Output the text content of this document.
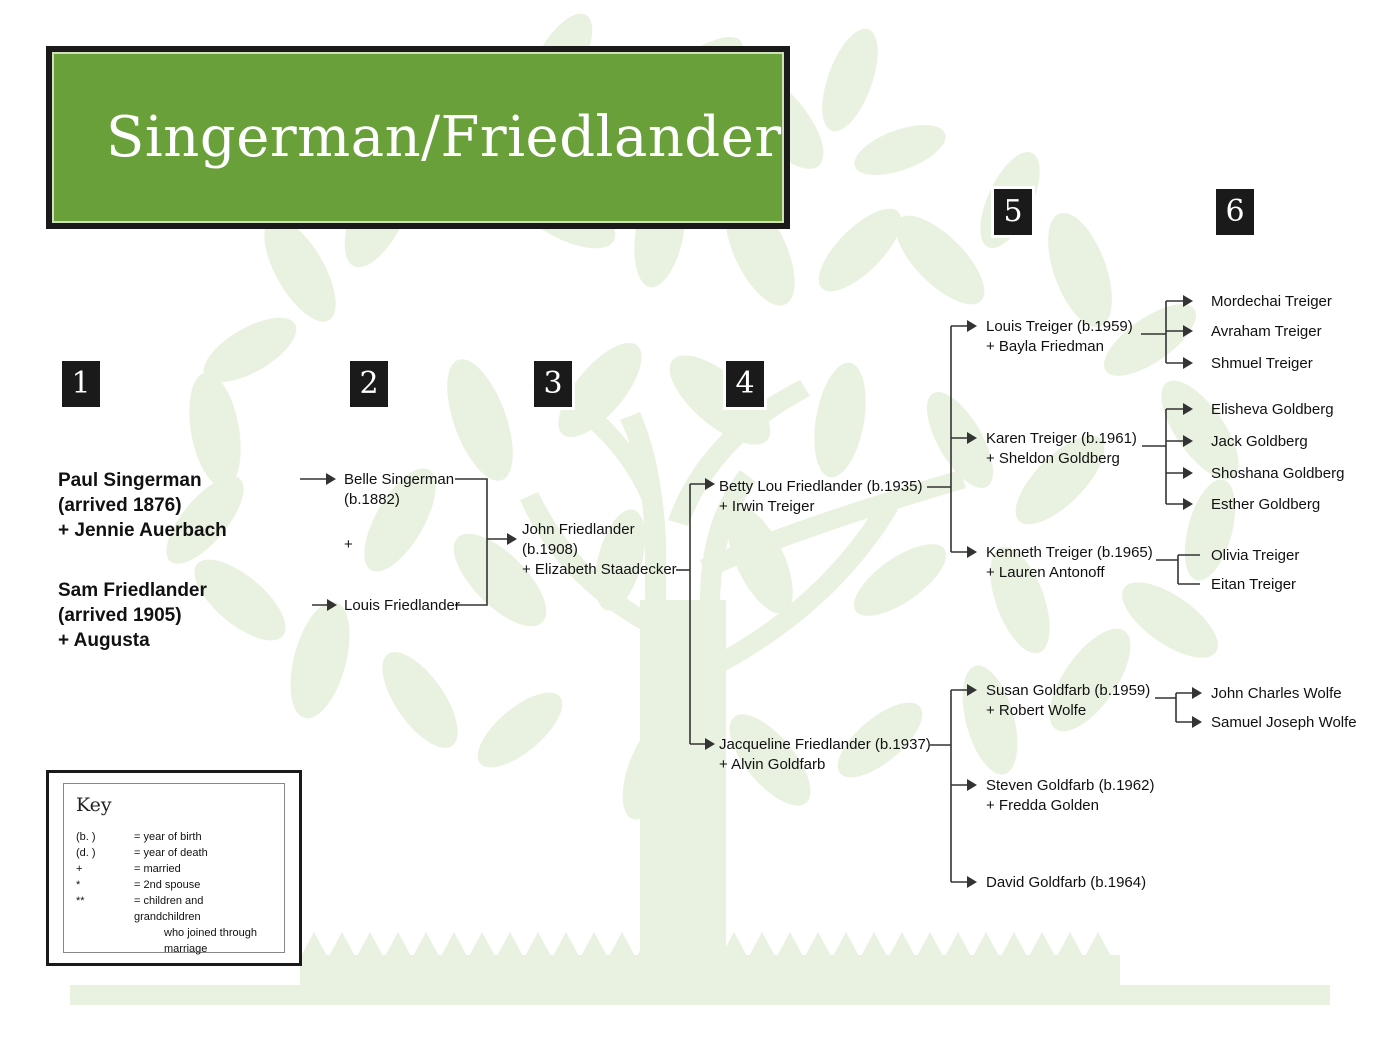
Singerman/Friedlander
1	2	3	4
5	6
Paul Singerman
(arrived 1876)
+ Jennie Auerbach
Sam Friedlander
(arrived 1905)
+ Augusta
Belle Singerman
(b.1882)
+
Louis Friedlander
John Friedlander
(b.1908)
+ Elizabeth Staadecker
Betty Lou Friedlander (b.1935)
+ Irwin Treiger
Jacqueline Friedlander (b.1937)
+ Alvin Goldfarb
Louis Treiger (b.1959)
+ Bayla Friedman
Karen Treiger (b.1961)
+ Sheldon Goldberg
Kenneth Treiger (b.1965)
+ Lauren Antonoff
Susan Goldfarb (b.1959)
+ Robert Wolfe
Steven Goldfarb (b.1962)
+ Fredda Golden
David Goldfarb (b.1964)
Mordechai Treiger
Avraham Treiger
Shmuel Treiger
Elisheva Goldberg
Jack Goldberg
Shoshana Goldberg
Esther Goldberg
Olivia Treiger
Eitan Treiger
John Charles Wolfe
Samuel Joseph Wolfe
Key
(b. )	= year of birth
(d. )	= year of death
+	= married
*	= 2nd spouse
**	= children and grandchildren
who joined through marriage
